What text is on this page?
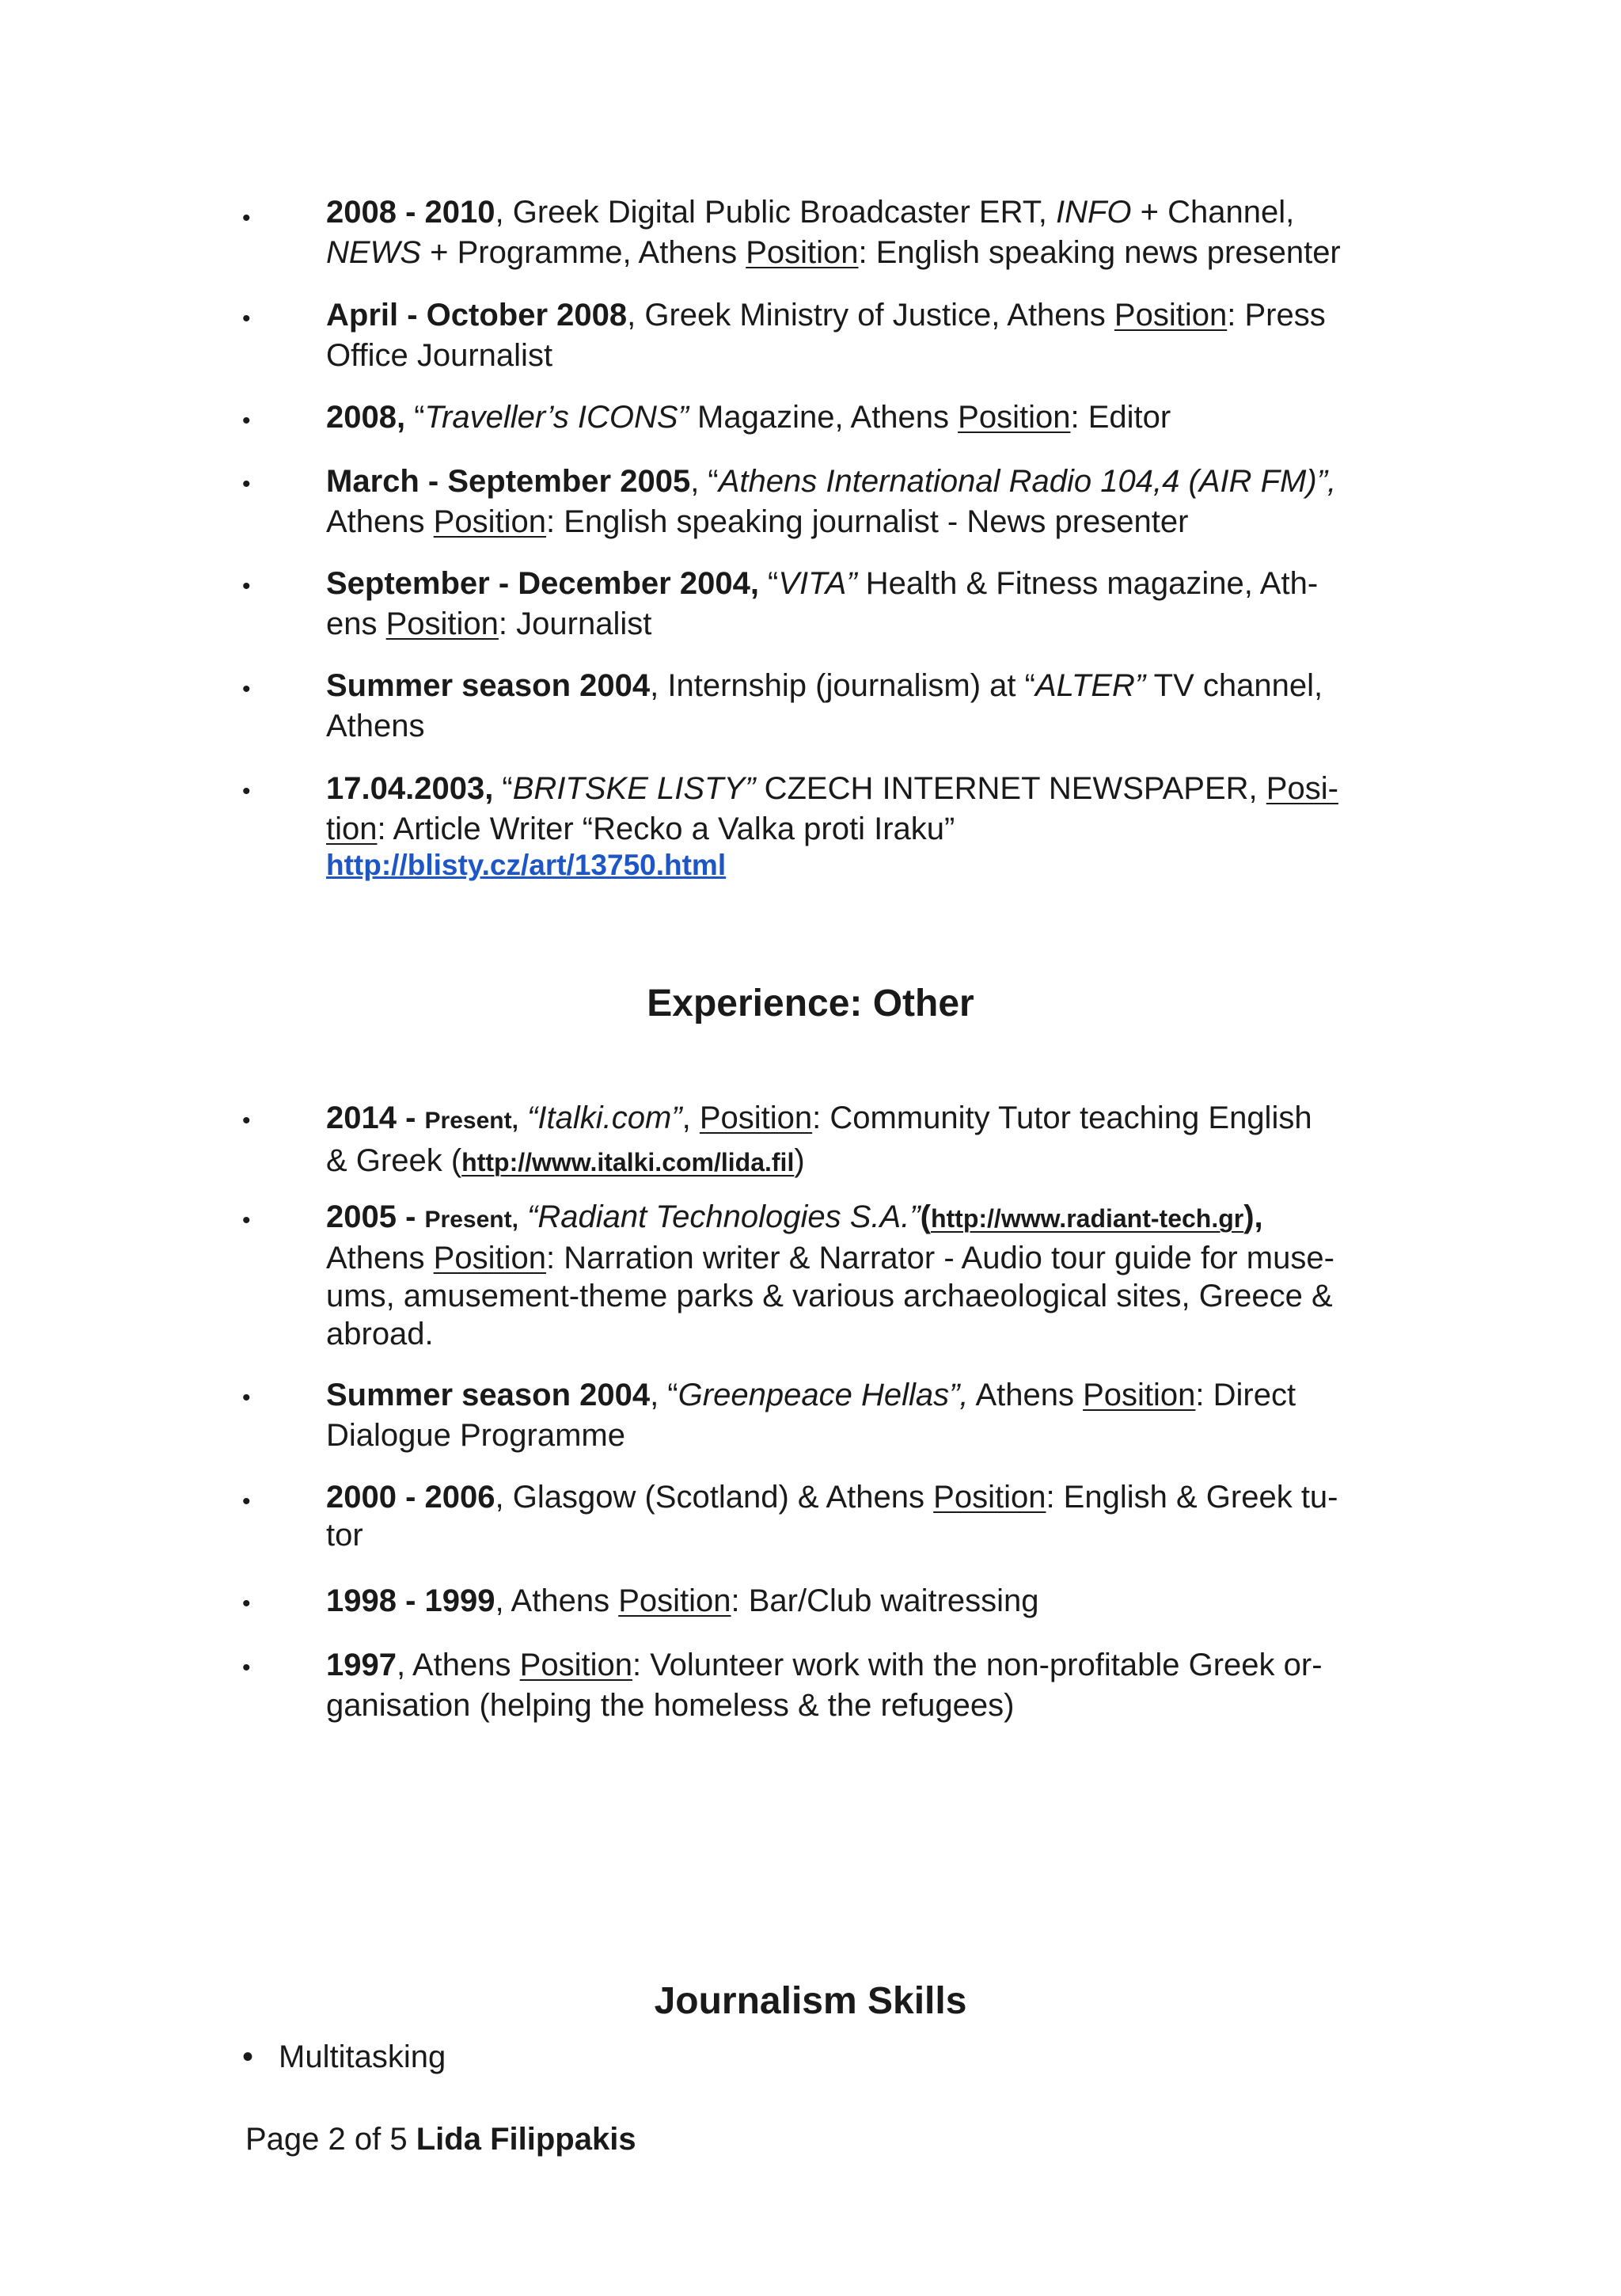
• 2008 - 2010, Greek Digital Public Broadcaster ERT, INFO + Channel,
NEWS + Programme, Athens Position: English speaking news presenter
• April - October 2008, Greek Ministry of Justice, Athens Position: Press
Office Journalist
• 2008, “Traveller’s ICONS” Magazine, Athens Position: Editor
• March - September 2005, “Athens International Radio 104,4 (AIR FM)”,
Athens Position: English speaking journalist - News presenter
• September - December 2004, “VITA” Health & Fitness magazine, Ath-
ens Position: Journalist
• Summer season 2004, Internship (journalism) at “ALTER” TV channel,
Athens
• 17.04.2003, “BRITSKE LISTY” CZECH INTERNET NEWSPAPER, Posi-
tion: Article Writer “Recko a Valka proti Iraku”
http://blisty.cz/art/13750.html
Experience: Other
• 2014 - Present, “Italki.com”, Position: Community Tutor teaching English
& Greek (http://www.italki.com/lida.fil)
• 2005 - Present, “Radiant Technologies S.A.”(http://www.radiant-tech.gr),
Athens Position: Narration writer & Narrator - Audio tour guide for muse-
ums, amusement-theme parks & various archaeological sites, Greece &
abroad.
• Summer season 2004, “Greenpeace Hellas”, Athens Position: Direct
Dialogue Programme
• 2000 - 2006, Glasgow (Scotland) & Athens Position: English & Greek tu-
tor
• 1998 - 1999, Athens Position: Bar/Club waitressing
• 1997, Athens Position: Volunteer work with the non-profitable Greek or-
ganisation (helping the homeless & the refugees)
Journalism Skills
• Multitasking
Page 2 of 5 Lida Filippakis
